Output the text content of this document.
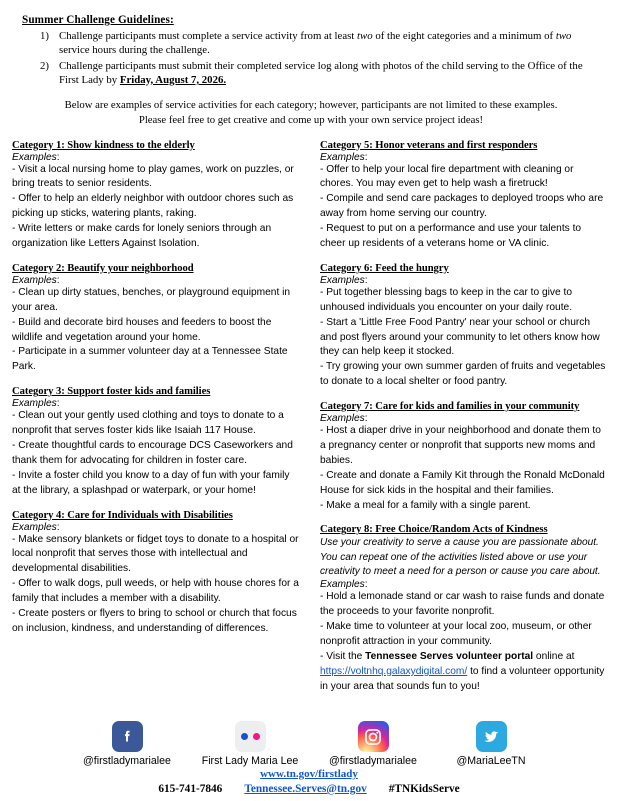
Summer Challenge Guidelines:
1) Challenge participants must complete a service activity from at least two of the eight categories and a minimum of two service hours during the challenge.
2) Challenge participants must submit their completed service log along with photos of the child serving to the Office of the First Lady by Friday, August 7, 2026.
Below are examples of service activities for each category; however, participants are not limited to these examples.
Please feel free to get creative and come up with your own service project ideas!
Category 1: Show kindness to the elderly
Examples:
- Visit a local nursing home to play games, work on puzzles, or bring treats to senior residents.
- Offer to help an elderly neighbor with outdoor chores such as picking up sticks, watering plants, raking.
- Write letters or make cards for lonely seniors through an organization like Letters Against Isolation.
Category 2: Beautify your neighborhood
Examples:
- Clean up dirty statues, benches, or playground equipment in your area.
- Build and decorate bird houses and feeders to boost the wildlife and vegetation around your home.
- Participate in a summer volunteer day at a Tennessee State Park.
Category 3: Support foster kids and families
Examples:
- Clean out your gently used clothing and toys to donate to a nonprofit that serves foster kids like Isaiah 117 House.
- Create thoughtful cards to encourage DCS Caseworkers and thank them for advocating for children in foster care.
- Invite a foster child you know to a day of fun with your family at the library, a splashpad or waterpark, or your home!
Category 4: Care for Individuals with Disabilities
Examples:
- Make sensory blankets or fidget toys to donate to a hospital or local nonprofit that serves those with intellectual and developmental disabilities.
- Offer to walk dogs, pull weeds, or help with house chores for a family that includes a member with a disability.
- Create posters or flyers to bring to school or church that focus on inclusion, kindness, and understanding of differences.
Category 5: Honor veterans and first responders
Examples:
- Offer to help your local fire department with cleaning or chores. You may even get to help wash a firetruck!
- Compile and send care packages to deployed troops who are away from home serving our country.
- Request to put on a performance and use your talents to cheer up residents of a veterans home or VA clinic.
Category 6: Feed the hungry
Examples:
- Put together blessing bags to keep in the car to give to unhoused individuals you encounter on your daily route.
- Start a 'Little Free Food Pantry' near your school or church and post flyers around your community to let others know how they can help keep it stocked.
- Try growing your own summer garden of fruits and vegetables to donate to a local shelter or food pantry.
Category 7: Care for kids and families in your community
Examples:
- Host a diaper drive in your neighborhood and donate them to a pregnancy center or nonprofit that supports new moms and babies.
- Create and donate a Family Kit through the Ronald McDonald House for sick kids in the hospital and their families.
- Make a meal for a family with a single parent.
Category 8: Free Choice/Random Acts of Kindness
Use your creativity to serve a cause you are passionate about. You can repeat one of the activities listed above or use your creativity to meet a need for a person or cause you care about.
Examples:
- Hold a lemonade stand or car wash to raise funds and donate the proceeds to your favorite nonprofit.
- Make time to volunteer at your local zoo, museum, or other nonprofit attraction in your community.
- Visit the Tennessee Serves volunteer portal online at https://voltnhq.galaxydigital.com/ to find a volunteer opportunity in your area that sounds fun to you!
@firstladymarialee	First Lady Maria Lee	@firstladymarialee	@MariaLeeTN
www.tn.gov/firstlady
615-741-7846 Tennessee.Serves@tn.gov #TNKidsServe
